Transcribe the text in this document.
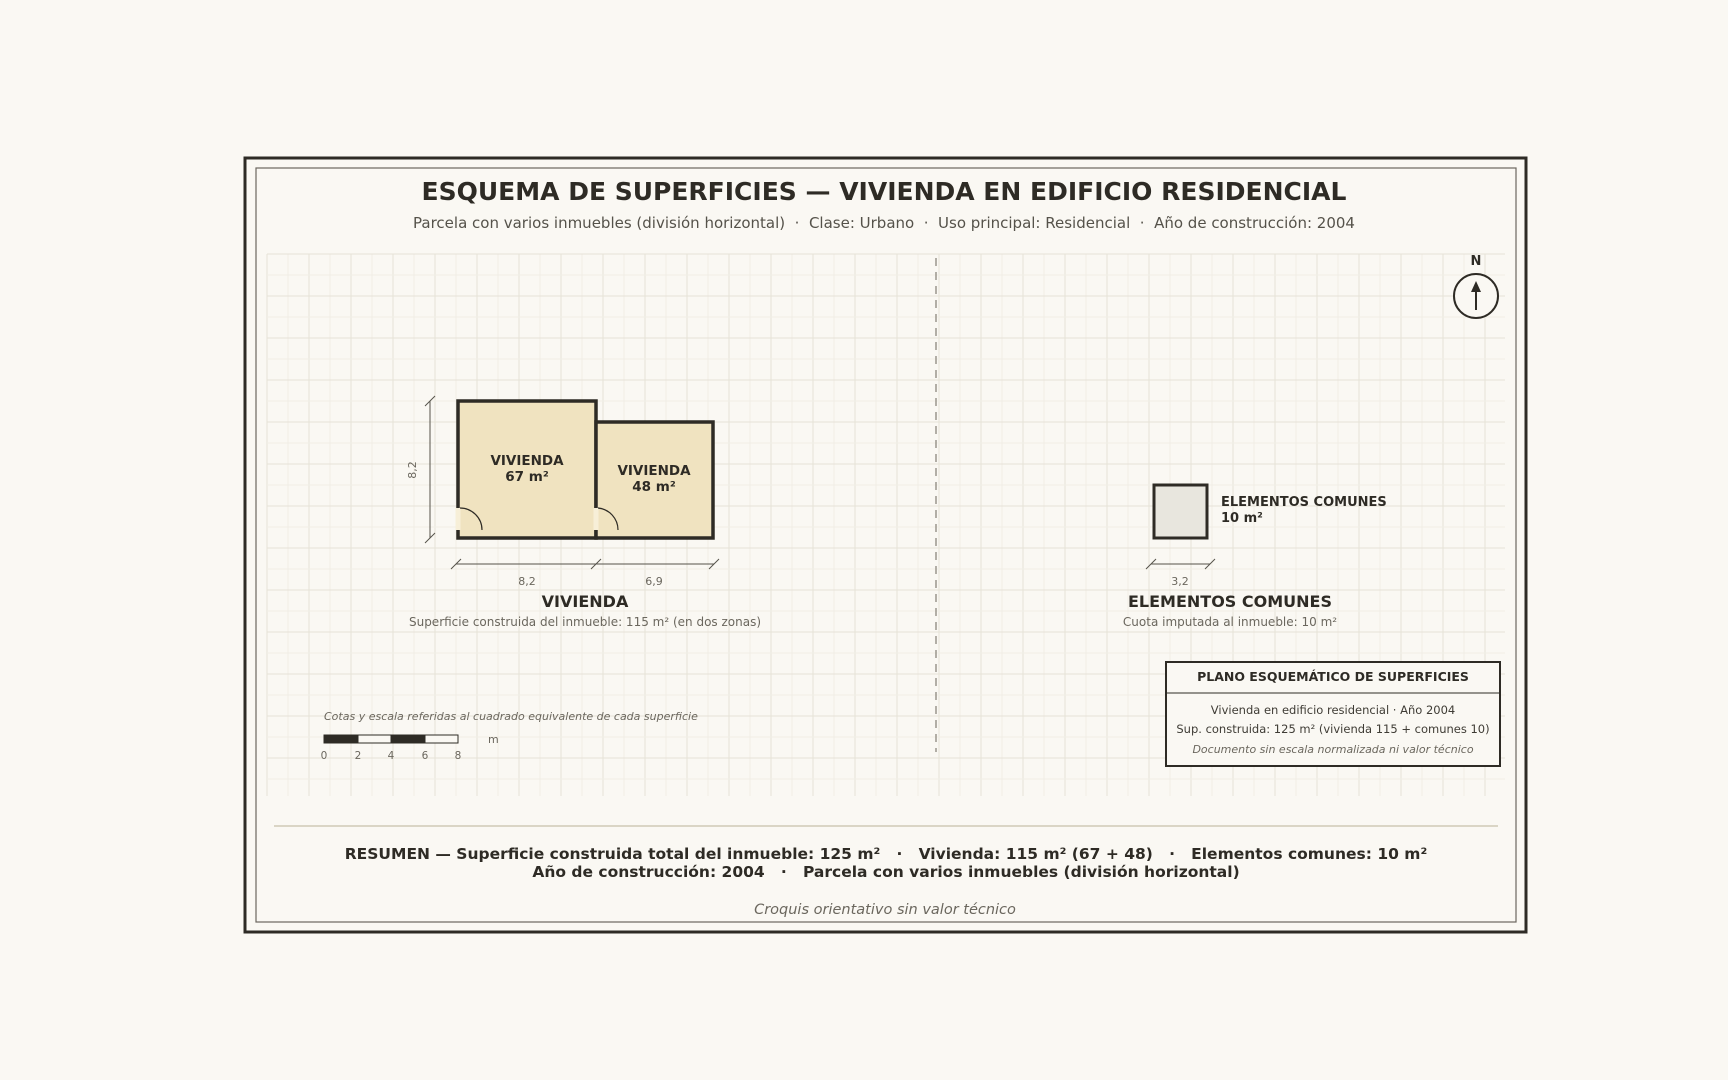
ESQUEMA DE SUPERFICIES — VIVIENDA EN EDIFICIO RESIDENCIAL
Parcela con varios inmuebles (división horizontal)  ·  Clase: Urbano  ·  Uso principal: Residencial  ·  Año de construcción: 2004
N
VIVIENDA
67 m²	VIVIENDA
48 m²
8,2
8,2	6,9
VIVIENDA
Superficie construida del inmueble: 115 m² (en dos zonas)
ELEMENTOS COMUNES
10 m²
3,2
ELEMENTOS COMUNES
Cuota imputada al inmueble: 10 m²
Cotas y escala referidas al cuadrado equivalente de cada superficie
0	2	4	6	8
m
PLANO ESQUEMÁTICO DE SUPERFICIES
Vivienda en edificio residencial · Año 2004
Sup. construida: 125 m² (vivienda 115 + comunes 10)
Documento sin escala normalizada ni valor técnico
RESUMEN — Superficie construida total del inmueble: 125 m²   ·   Vivienda: 115 m² (67 + 48)   ·   Elementos comunes: 10 m²
Año de construcción: 2004   ·   Parcela con varios inmuebles (división horizontal)
Croquis orientativo sin valor técnico
